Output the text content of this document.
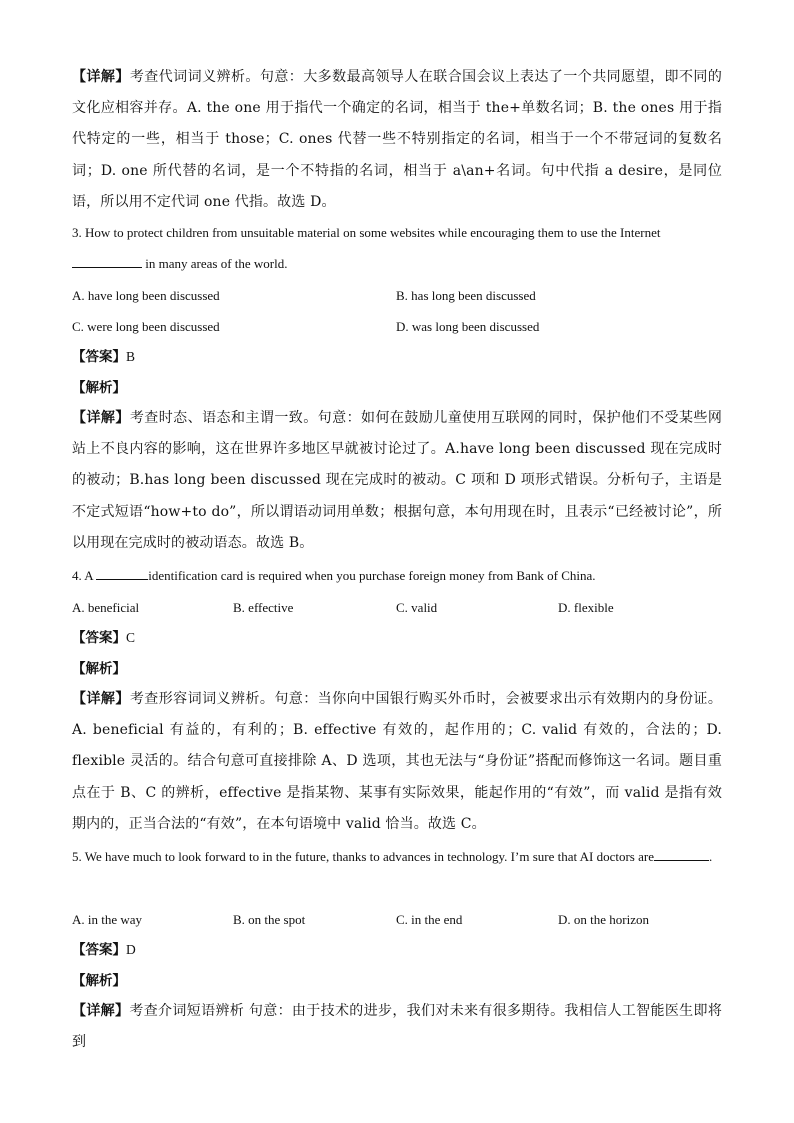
【详解】考查代词词义辨析。句意：大多数最高领导人在联合国会议上表达了一个共同愿望，即不同的文化应相容并存。A. the one 用于指代一个确定的名词，相当于 the+单数名词；B. the ones 用于指代特定的一些，相当于 those；C. ones 代替一些不特别指定的名词，相当于一个不带冠词的复数名词；D. one 所代替的名词，是一个不特指的名词，相当于 a\an+名词。句中代指 a desire，是同位语，所以用不定代词 one 代指。故选 D。

3. How to protect children from unsuitable material on some websites while encouraging them to use the Internet
in many areas of the world.

A. have long been discussed	B. has long been discussed
C. were long been discussed	D. was long been discussed
【答案】B
【解析】

【详解】考查时态、语态和主谓一致。句意：如何在鼓励儿童使用互联网的同时，保护他们不受某些网站上不良内容的影响，这在世界许多地区早就被讨论过了。A.have long been discussed 现在完成时的被动；B.has long been discussed 现在完成时的被动。C 项和 D 项形式错误。分析句子，主语是不定式短语“how+to do”，所以谓语动词用单数；根据句意，本句用现在时，且表示“已经被讨论”，所以用现在完成时的被动语态。故选 B。

4. A	identification card is required when you purchase foreign money from Bank of China.

A. beneficial	B. effective	C. valid	D. flexible
【答案】C
【解析】

【详解】考查形容词词义辨析。句意：当你向中国银行购买外币时，会被要求出示有效期内的身份证。A. beneficial 有益的，有利的；B. effective 有效的，起作用的；C. valid 有效的，合法的；D. flexible 灵活的。结合句意可直接排除 A、D 选项，其也无法与“身份证”搭配而修饰这一名词。题目重点在于 B、C 的辨析，effective 是指某物、某事有实际效果，能起作用的“有效”，而 valid 是指有效期内的，正当合法的“有效”，在本句语境中 valid 恰当。故选 C。

5. We have much to look forward to in the future, thanks to advances in technology. I’m sure that AI doctors are	.

A. in the way	B. on the spot	C. in the end	D. on the horizon
【答案】D
【解析】

【详解】考查介词短语辨析 句意：由于技术的进步，我们对未来有很多期待。我相信人工智能医生即将到
